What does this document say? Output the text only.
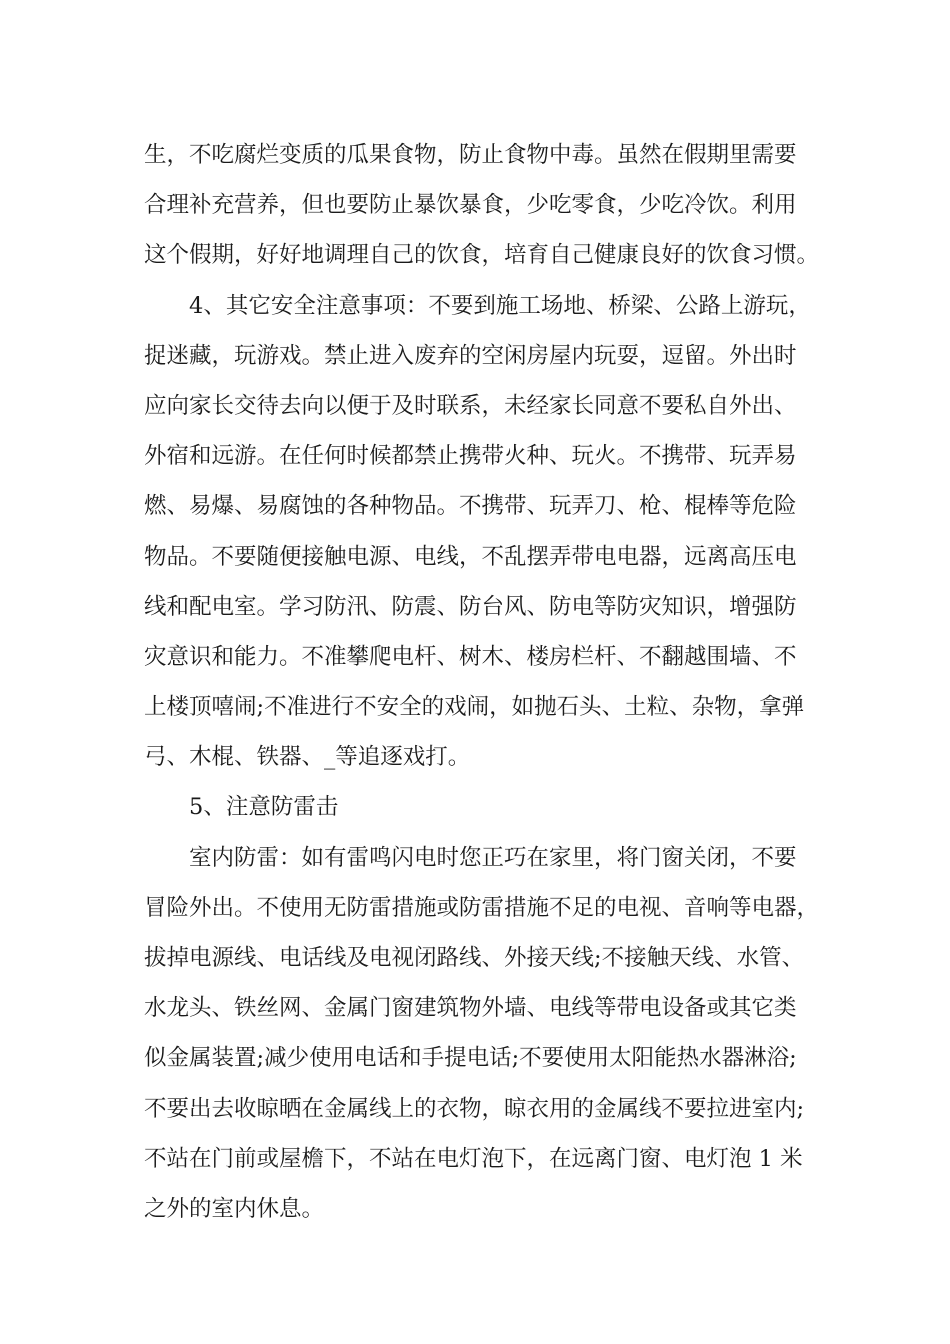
生，不吃腐烂变质的瓜果食物，防止食物中毒。虽然在假期里需要
合理补充营养，但也要防止暴饮暴食，少吃零食，少吃冷饮。利用
这个假期，好好地调理自己的饮食，培育自己健康良好的饮食习惯。
4、其它安全注意事项：不要到施工场地、桥梁、公路上游玩，
捉迷藏，玩游戏。禁止进入废弃的空闲房屋内玩耍，逗留。外出时
应向家长交待去向以便于及时联系，未经家长同意不要私自外出、
外宿和远游。在任何时候都禁止携带火种、玩火。不携带、玩弄易
燃、易爆、易腐蚀的各种物品。不携带、玩弄刀、枪、棍棒等危险
物品。不要随便接触电源、电线，不乱摆弄带电电器，远离高压电
线和配电室。学习防汛、防震、防台风、防电等防灾知识，增强防
灾意识和能力。不准攀爬电杆、树木、楼房栏杆、不翻越围墙、不
上楼顶嘻闹;不准进行不安全的戏闹，如抛石头、土粒、杂物，拿弹
弓、木棍、铁器、_等追逐戏打。
5、注意防雷击
室内防雷：如有雷鸣闪电时您正巧在家里，将门窗关闭，不要
冒险外出。不使用无防雷措施或防雷措施不足的电视、音响等电器，
拔掉电源线、电话线及电视闭路线、外接天线;不接触天线、水管、
水龙头、铁丝网、金属门窗建筑物外墙、电线等带电设备或其它类
似金属装置;减少使用电话和手提电话;不要使用太阳能热水器淋浴;
不要出去收晾晒在金属线上的衣物，晾衣用的金属线不要拉进室内;
不站在门前或屋檐下，不站在电灯泡下，在远离门窗、电灯泡 1 米
之外的室内休息。
